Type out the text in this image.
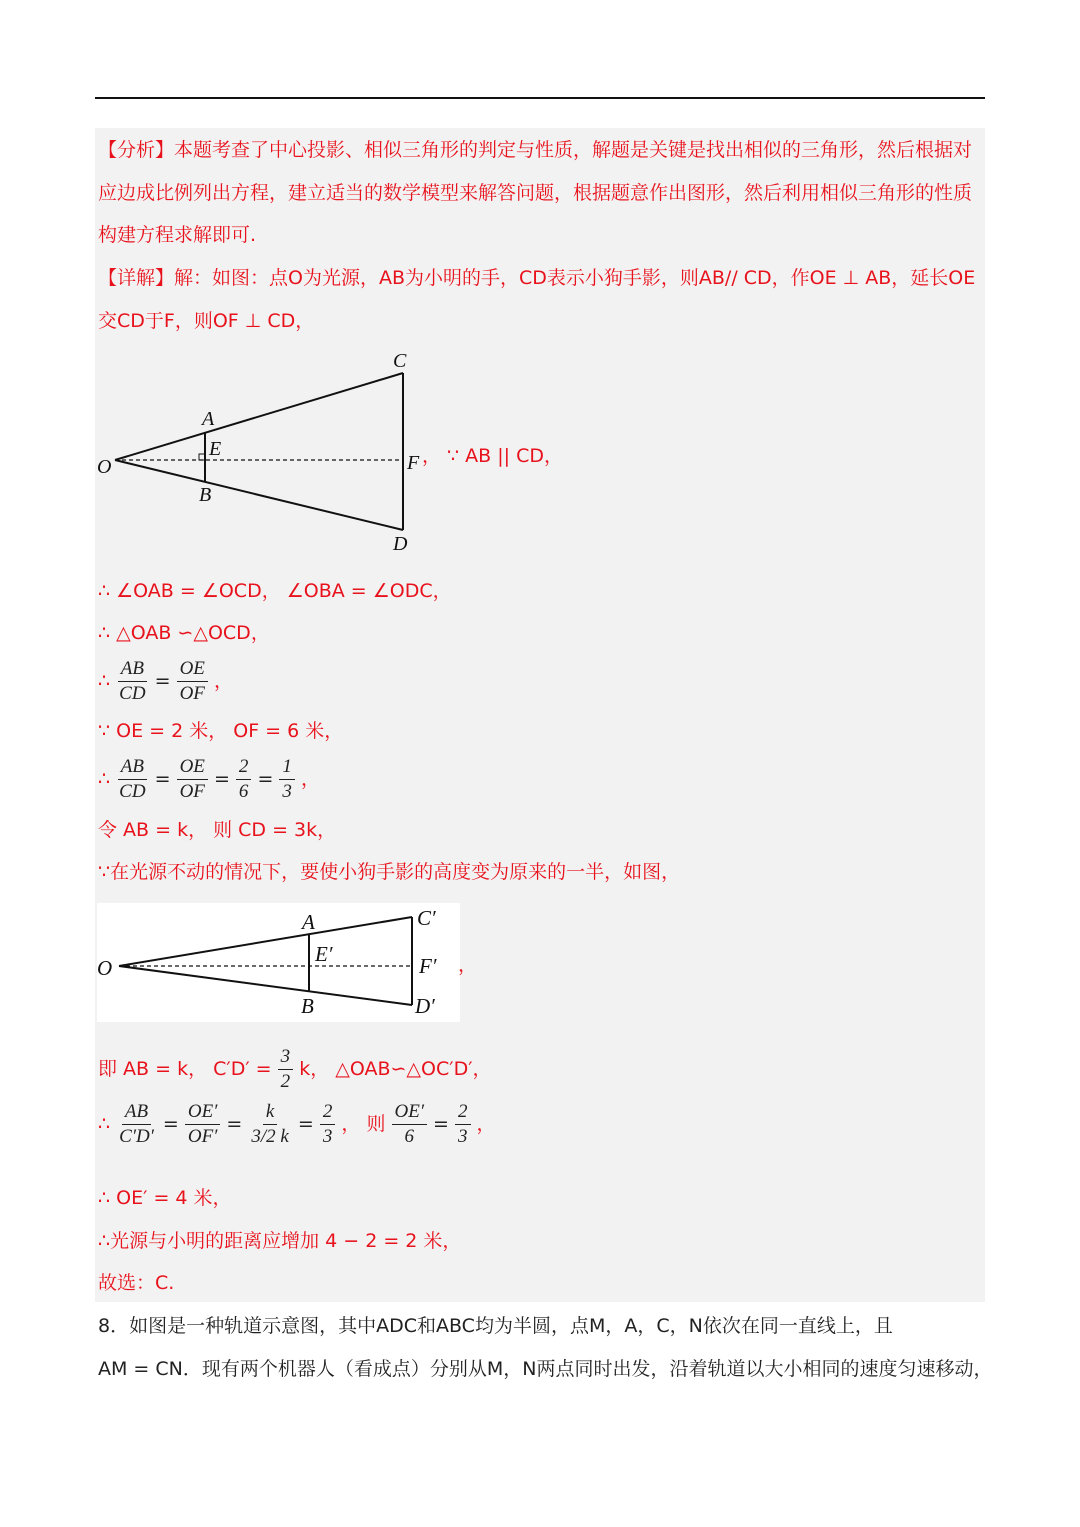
【分析】本题考查了中心投影、相似三角形的判定与性质，解题是关键是找出相似的三角形，然后根据对
应边成比例列出方程，建立适当的数学模型来解答问题，根据题意作出图形，然后利用相似三角形的性质
构建方程求解即可.
【详解】解：如图：点O为光源，AB为小明的手，CD表示小狗手影，则AB// CD，作OE ⊥ AB，延长OE
交CD于F，则OF ⊥ CD，
O
A
E
B
C
F
D
， ∵ AB || CD，
∴ ∠OAB = ∠OCD， ∠OBA = ∠ODC，
∴ △OAB ∽△OCD，
∴ $\frac{AB}{CD} = \frac{OE}{OF}$ ，
∵ OE = 2 米， OF = 6 米，
∴ $\frac{AB}{CD} = \frac{OE}{OF} = \frac{2}{6} = \frac{1}{3}$ ，
令 AB = k， 则 CD = 3k，
∵在光源不动的情况下，要使小狗手影的高度变为原来的一半，如图，
O
A
E′
B
C′
F′
D′
，
即 AB = k， $C'D' = \frac{3}{2}$ k， △OAB∽△OC′D′，
∴ $\frac{AB}{C'D'} = \frac{OE'}{OF'} = \frac{k}{3/2 k} = \frac{2}{3}$ ， 则 $\frac{OE'}{6} = \frac{2}{3}$ ，
∴ OE′ = 4 米，
∴光源与小明的距离应增加 4 − 2 = 2 米，
故选：C.
8．如图是一种轨道示意图，其中ADC和ABC均为半圆，点M，A，C，N依次在同一直线上，且
AM = CN．现有两个机器人（看成点）分别从M，N两点同时出发，沿着轨道以大小相同的速度匀速移动，
